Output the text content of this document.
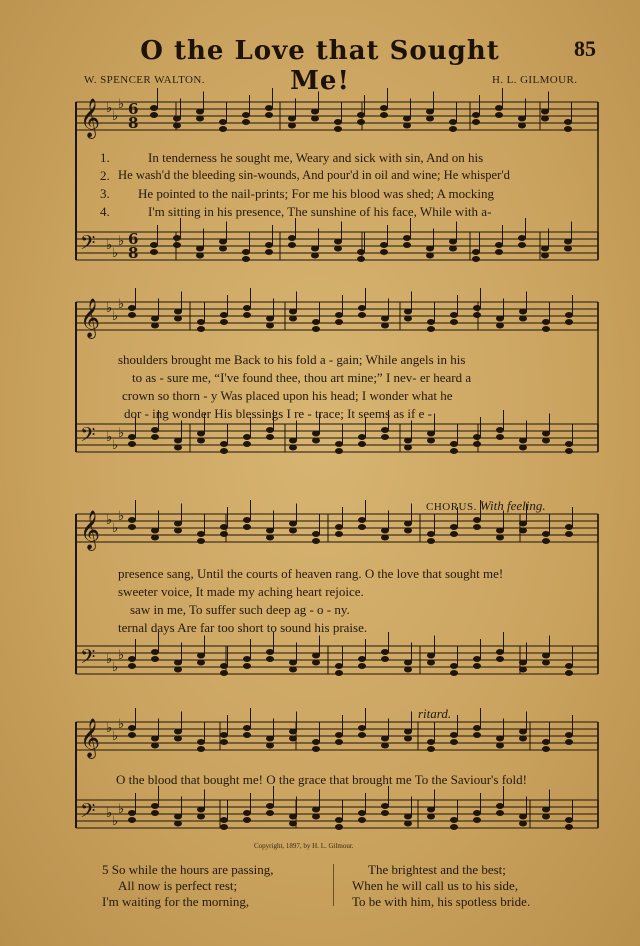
O the Love that Sought Me!
85
W. SPENCER WALTON.	H. L. GILMOUR.
𝄞 ♭
♭
♭
𝄢 ♭
♭
♭
𝄞 ♭
♭
♭
𝄢 ♭
♭
♭
𝄞 ♭
♭
♭
𝄢 ♭
♭
♭
𝄞 ♭
♭
♭
𝄢 ♭
♭
♭
6
6
8
8
1.
2.
3.
4.
In tenderness he sought me, Weary and sick with sin, And on his
He wash'd the bleeding sin-wounds, And pour'd in oil and wine; He whisper'd
He pointed to the nail-prints; For me his blood was shed; A mocking
I'm sitting in his presence, The sunshine of his face, While with a-
shoulders brought me Back to his fold a - gain; While angels in his
to as - sure me, “I've found thee, thou art mine;” I nev- er heard a
crown so thorn - y Was placed upon his head; I wonder what he
dor - ing wonder His blessings I re - trace; It seems as if e -
CHORUS. With feeling.
presence sang, Until the courts of heaven rang. O the love that sought me!
sweeter voice, It made my aching heart rejoice.
saw in me, To suffer such deep ag - o - ny.
ternal days Are far too short to sound his praise.
ritard.
O the blood that bought me! O the grace that brought me To the Saviour's fold!
Copyright, 1897, by H. L. Gilmour.
5 So while the hours are passing,
All now is perfect rest;
I'm waiting for the morning,
The brightest and the best;
When he will call us to his side,
To be with him, his spotless bride.
